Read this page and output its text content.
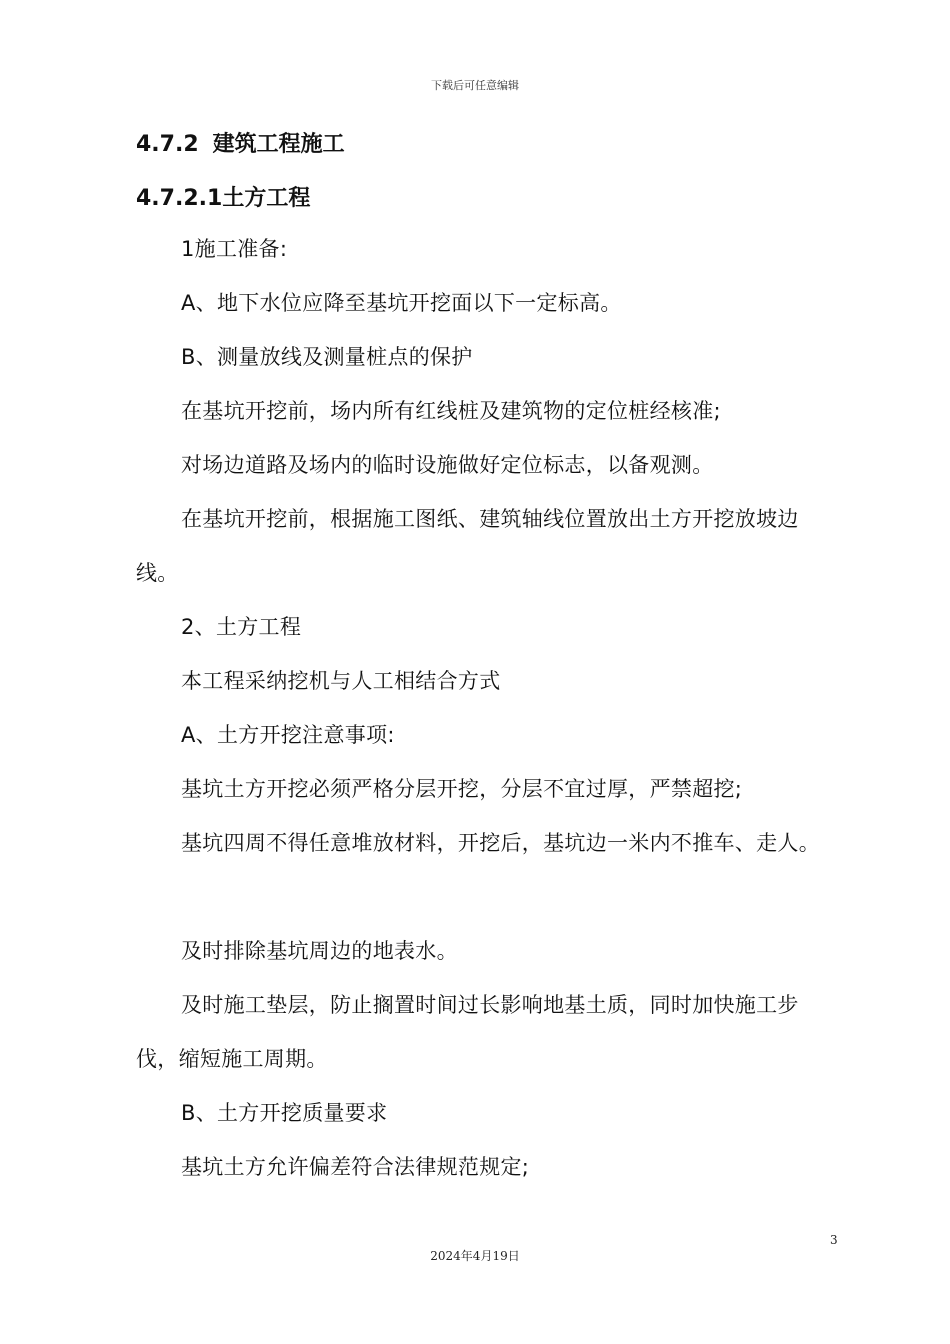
下载后可任意编辑
4.7.2 建筑工程施工
4.7.2.1土方工程
1施工准备:
A、地下水位应降至基坑开挖面以下一定标高。
B、测量放线及测量桩点的保护
在基坑开挖前，场内所有红线桩及建筑物的定位桩经核准;
对场边道路及场内的临时设施做好定位标志，以备观测。
在基坑开挖前，根据施工图纸、建筑轴线位置放出土方开挖放坡边线。
2、土方工程
本工程采纳挖机与人工相结合方式
A、土方开挖注意事项:
基坑土方开挖必须严格分层开挖，分层不宜过厚，严禁超挖;
基坑四周不得任意堆放材料，开挖后，基坑边一米内不推车、走人。
及时排除基坑周边的地表水。
及时施工垫层，防止搁置时间过长影响地基土质，同时加快施工步伐，缩短施工周期。
B、土方开挖质量要求
基坑土方允许偏差符合法律规范规定;
3
2024年4月19日
